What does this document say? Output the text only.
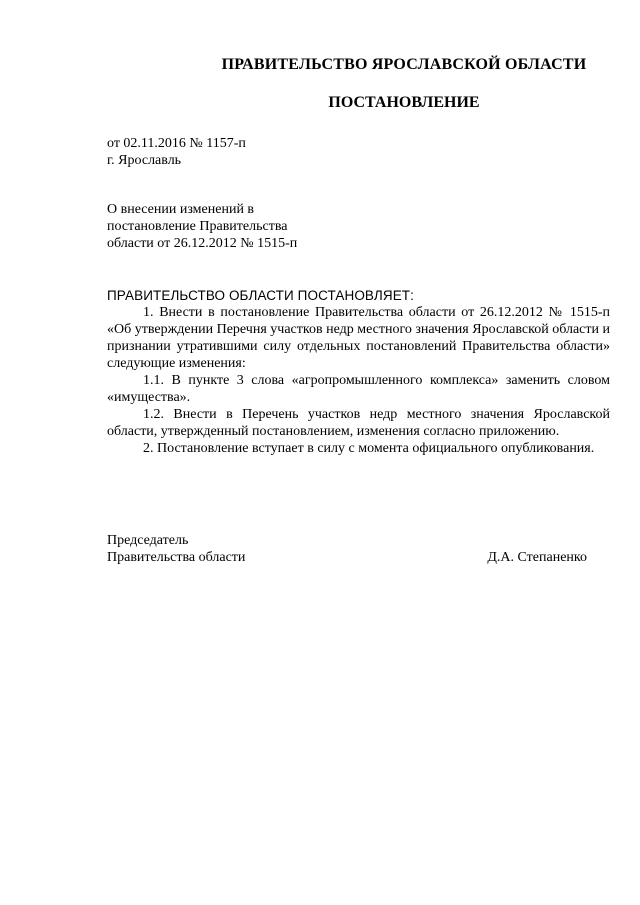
ПРАВИТЕЛЬСТВО ЯРОСЛАВСКОЙ ОБЛАСТИ
ПОСТАНОВЛЕНИЕ
от 02.11.2016 № 1157-п
г. Ярославль
О внесении изменений в
постановление Правительства
области от 26.12.2012 № 1515-п

ПРАВИТЕЛЬСТВО ОБЛАСТИ ПОСТАНОВЛЯЕТ:

1. Внести в постановление Правительства области от 26.12.2012 № 1515-п «Об утверждении Перечня участков недр местного значения Ярославской области и признании утратившими силу отдельных постановлений Правительства области» следующие изменения:

1.1. В пункте 3 слова «агропромышленного комплекса» заменить словом «имущества».

1.2. Внести в Перечень участков недр местного значения Ярославской области, утвержденный постановлением, изменения согласно приложению.

2. Постановление вступает в силу с момента официального опубликования.

Председатель
Правительства области	Д.А. Степаненко
